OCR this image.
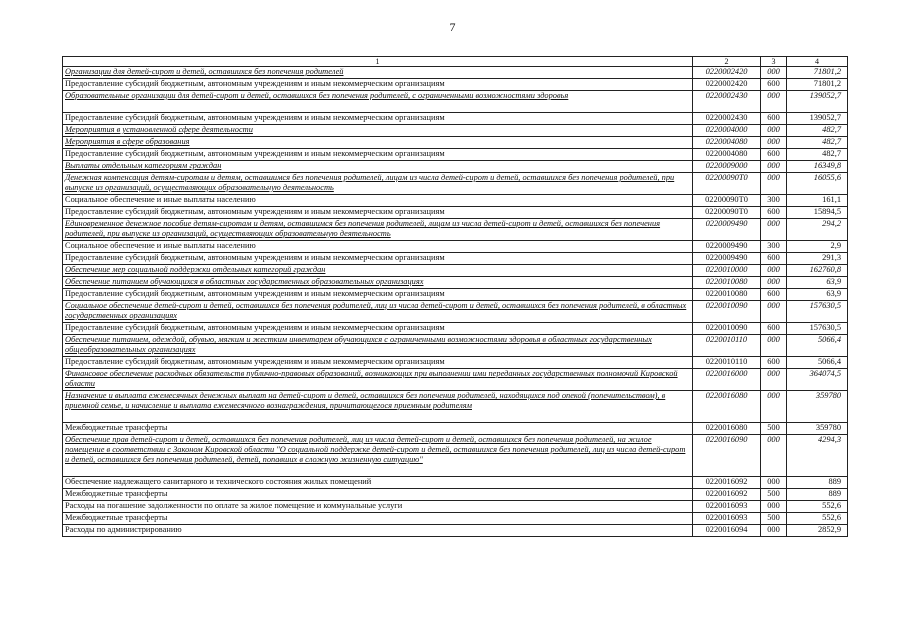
7
1	2	3	4
Организации для детей-сирот и детей, оставшихся без попечения родителей	0220002420	000	71801,2
Предоставление субсидий бюджетным, автономным учреждениям и иным некоммерческим организациям	0220002420	600	71801,2
Образовательные организации для детей-сирот и детей, оставшихся без попечения родителей, с ограниченными возможностями здоровья	0220002430	000	139052,7
Предоставление субсидий бюджетным, автономным учреждениям и иным некоммерческим организациям	0220002430	600	139052,7
Мероприятия в установленной сфере деятельности	0220004000	000	482,7
Мероприятия в сфере образования	0220004080	000	482,7
Предоставление субсидий бюджетным, автономным учреждениям и иным некоммерческим организациям	0220004080	600	482,7
Выплаты отдельным категориям граждан	0220009000	000	16349,8
Денежная компенсация детям-сиротам и детям, оставшимся без попечения родителей, лицам из числа детей-сирот и детей, оставшихся без попечения родителей, при выпуске из организаций, осуществляющих образовательную деятельность	02200090Т0	000	16055,6
Социальное обеспечение и иные выплаты населению	02200090Т0	300	161,1
Предоставление субсидий бюджетным, автономным учреждениям и иным некоммерческим организациям	02200090Т0	600	15894,5
Единовременное денежное пособие детям-сиротам и детям, оставшимся без попечения родителей, лицам из числа детей-сирот и детей, оставшихся без попечения родителей, при выпуске из организаций, осуществляющих образовательную деятельность	0220009490	000	294,2
Социальное обеспечение и иные выплаты населению	0220009490	300	2,9
Предоставление субсидий бюджетным, автономным учреждениям и иным некоммерческим организациям	0220009490	600	291,3
Обеспечение мер социальной поддержки отдельных категорий граждан	0220010000	000	162760,8
Обеспечение питанием обучающихся в областных государственных образовательных организациях	0220010080	000	63,9
Предоставление субсидий бюджетным, автономным учреждениям и иным некоммерческим организациям	0220010080	600	63,9
Социальное обеспечение детей-сирот и детей, оставшихся без попечения родителей, лиц из числа детей-сирот и детей, оставшихся без попечения родителей, в областных государственных организациях	0220010090	000	157630,5
Предоставление субсидий бюджетным, автономным учреждениям и иным некоммерческим организациям	0220010090	600	157630,5
Обеспечение питанием, одеждой, обувью, мягким и жестким инвентарем обучающихся с ограниченными возможностями здоровья в областных государственных общеобразовательных организациях	0220010110	000	5066,4
Предоставление субсидий бюджетным, автономным учреждениям и иным некоммерческим организациям	0220010110	600	5066,4
Финансовое обеспечение расходных обязательств публично-правовых образований, возникающих при выполнении ими переданных государственных полномочий Кировской области	0220016000	000	364074,5
Назначение и выплата ежемесячных денежных выплат на детей-сирот и детей, оставшихся без попечения родителей, находящихся под опекой (попечительством), в приемной семье, и начисление и выплата ежемесячного вознаграждения, причитающегося приемным родителям	0220016080	000	359780
Межбюджетные трансферты	0220016080	500	359780
Обеспечение прав детей-сирот и детей, оставшихся без попечения родителей, лиц из числа детей-сирот и детей, оставшихся без попечения родителей, на жилое помещение в соответствии с Законом Кировской области "О социальной поддержке детей-сирот и детей, оставшихся без попечения родителей, лиц из числа детей-сирот и детей, оставшихся без попечения родителей, детей, попавших в сложную жизненную ситуацию"	0220016090	000	4294,3
Обеспечение надлежащего санитарного и технического состояния жилых помещений	0220016092	000	889
Межбюджетные трансферты	0220016092	500	889
Расходы на погашение задолженности по оплате за жилое помещение и коммунальные услуги	0220016093	000	552,6
Межбюджетные трансферты	0220016093	500	552,6
Расходы по администрированию	0220016094	000	2852,9
